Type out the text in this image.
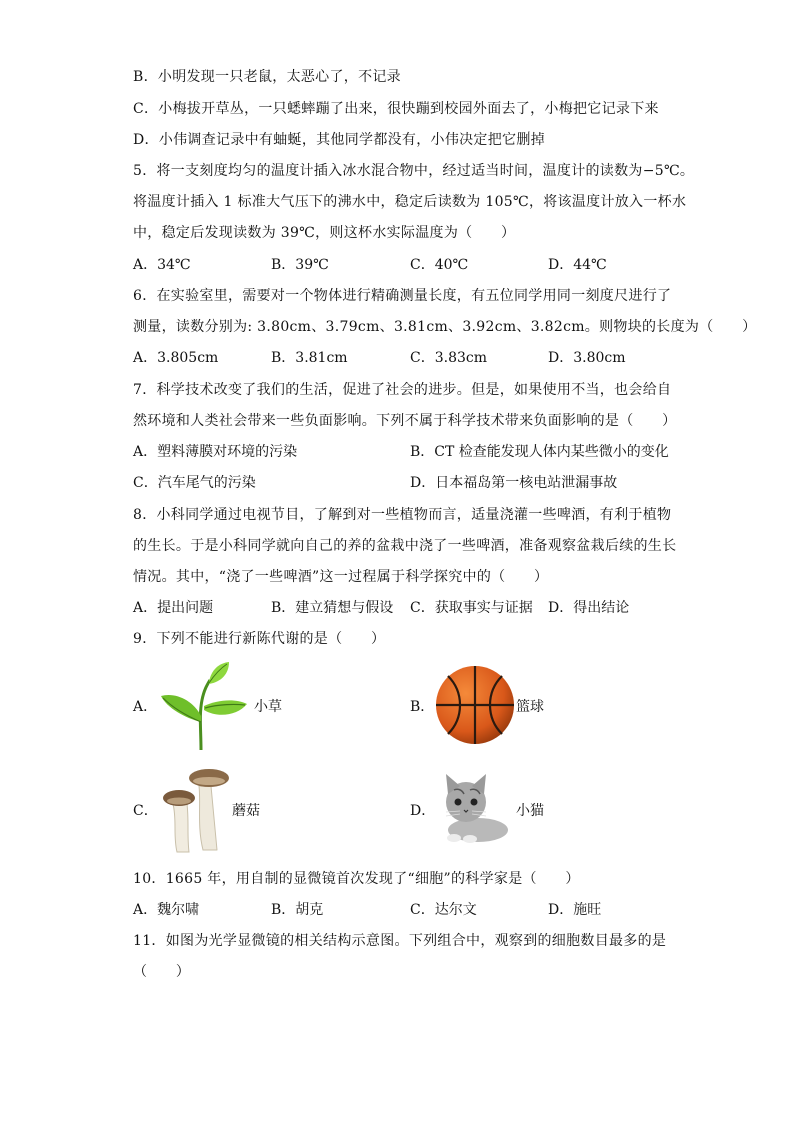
B．小明发现一只老鼠，太恶心了，不记录
C．小梅拔开草丛，一只蟋蟀蹦了出来，很快蹦到校园外面去了，小梅把它记录下来
D．小伟调查记录中有蚰蜒，其他同学都没有，小伟决定把它删掉
5．将一支刻度均匀的温度计插入冰水混合物中，经过适当时间，温度计的读数为−5℃。
将温度计插入 1 标准大气压下的沸水中，稳定后读数为 105℃，将该温度计放入一杯水
中，稳定后发现读数为 39℃，则这杯水实际温度为（　　）
A．34℃	B．39℃	C．40℃	D．44℃
6．在实验室里，需要对一个物体进行精确测量长度，有五位同学用同一刻度尺进行了
测量，读数分别为: 3.80cm、3.79cm、3.81cm、3.92cm、3.82cm。则物块的长度为（　　）
A．3.805cm	B．3.81cm	C．3.83cm	D．3.80cm
7．科学技术改变了我们的生活，促进了社会的进步。但是，如果使用不当，也会给自
然环境和人类社会带来一些负面影响。下列不属于科学技术带来负面影响的是（　　）
A．塑料薄膜对环境的污染	B．CT 检查能发现人体内某些微小的变化
C．汽车尾气的污染	D．日本福岛第一核电站泄漏事故
8．小科同学通过电视节目，了解到对一些植物而言，适量浇灌一些啤酒，有利于植物
的生长。于是小科同学就向自己的养的盆栽中浇了一些啤酒，准备观察盆栽后续的生长
情况。其中，“浇了一些啤酒”这一过程属于科学探究中的（　　）
A．提出问题	B．建立猜想与假设 C．获取事实与证据 D．得出结论
9．下列不能进行新陈代谢的是（　　）
A．	小草	B．	篮球
C．	蘑菇	D．	小猫
10．1665 年，用自制的显微镜首次发现了“细胞”的科学家是（　　）
A．魏尔啸	B．胡克	C．达尔文	D．施旺
11．如图为光学显微镜的相关结构示意图。下列组合中，观察到的细胞数目最多的是
（　　）
